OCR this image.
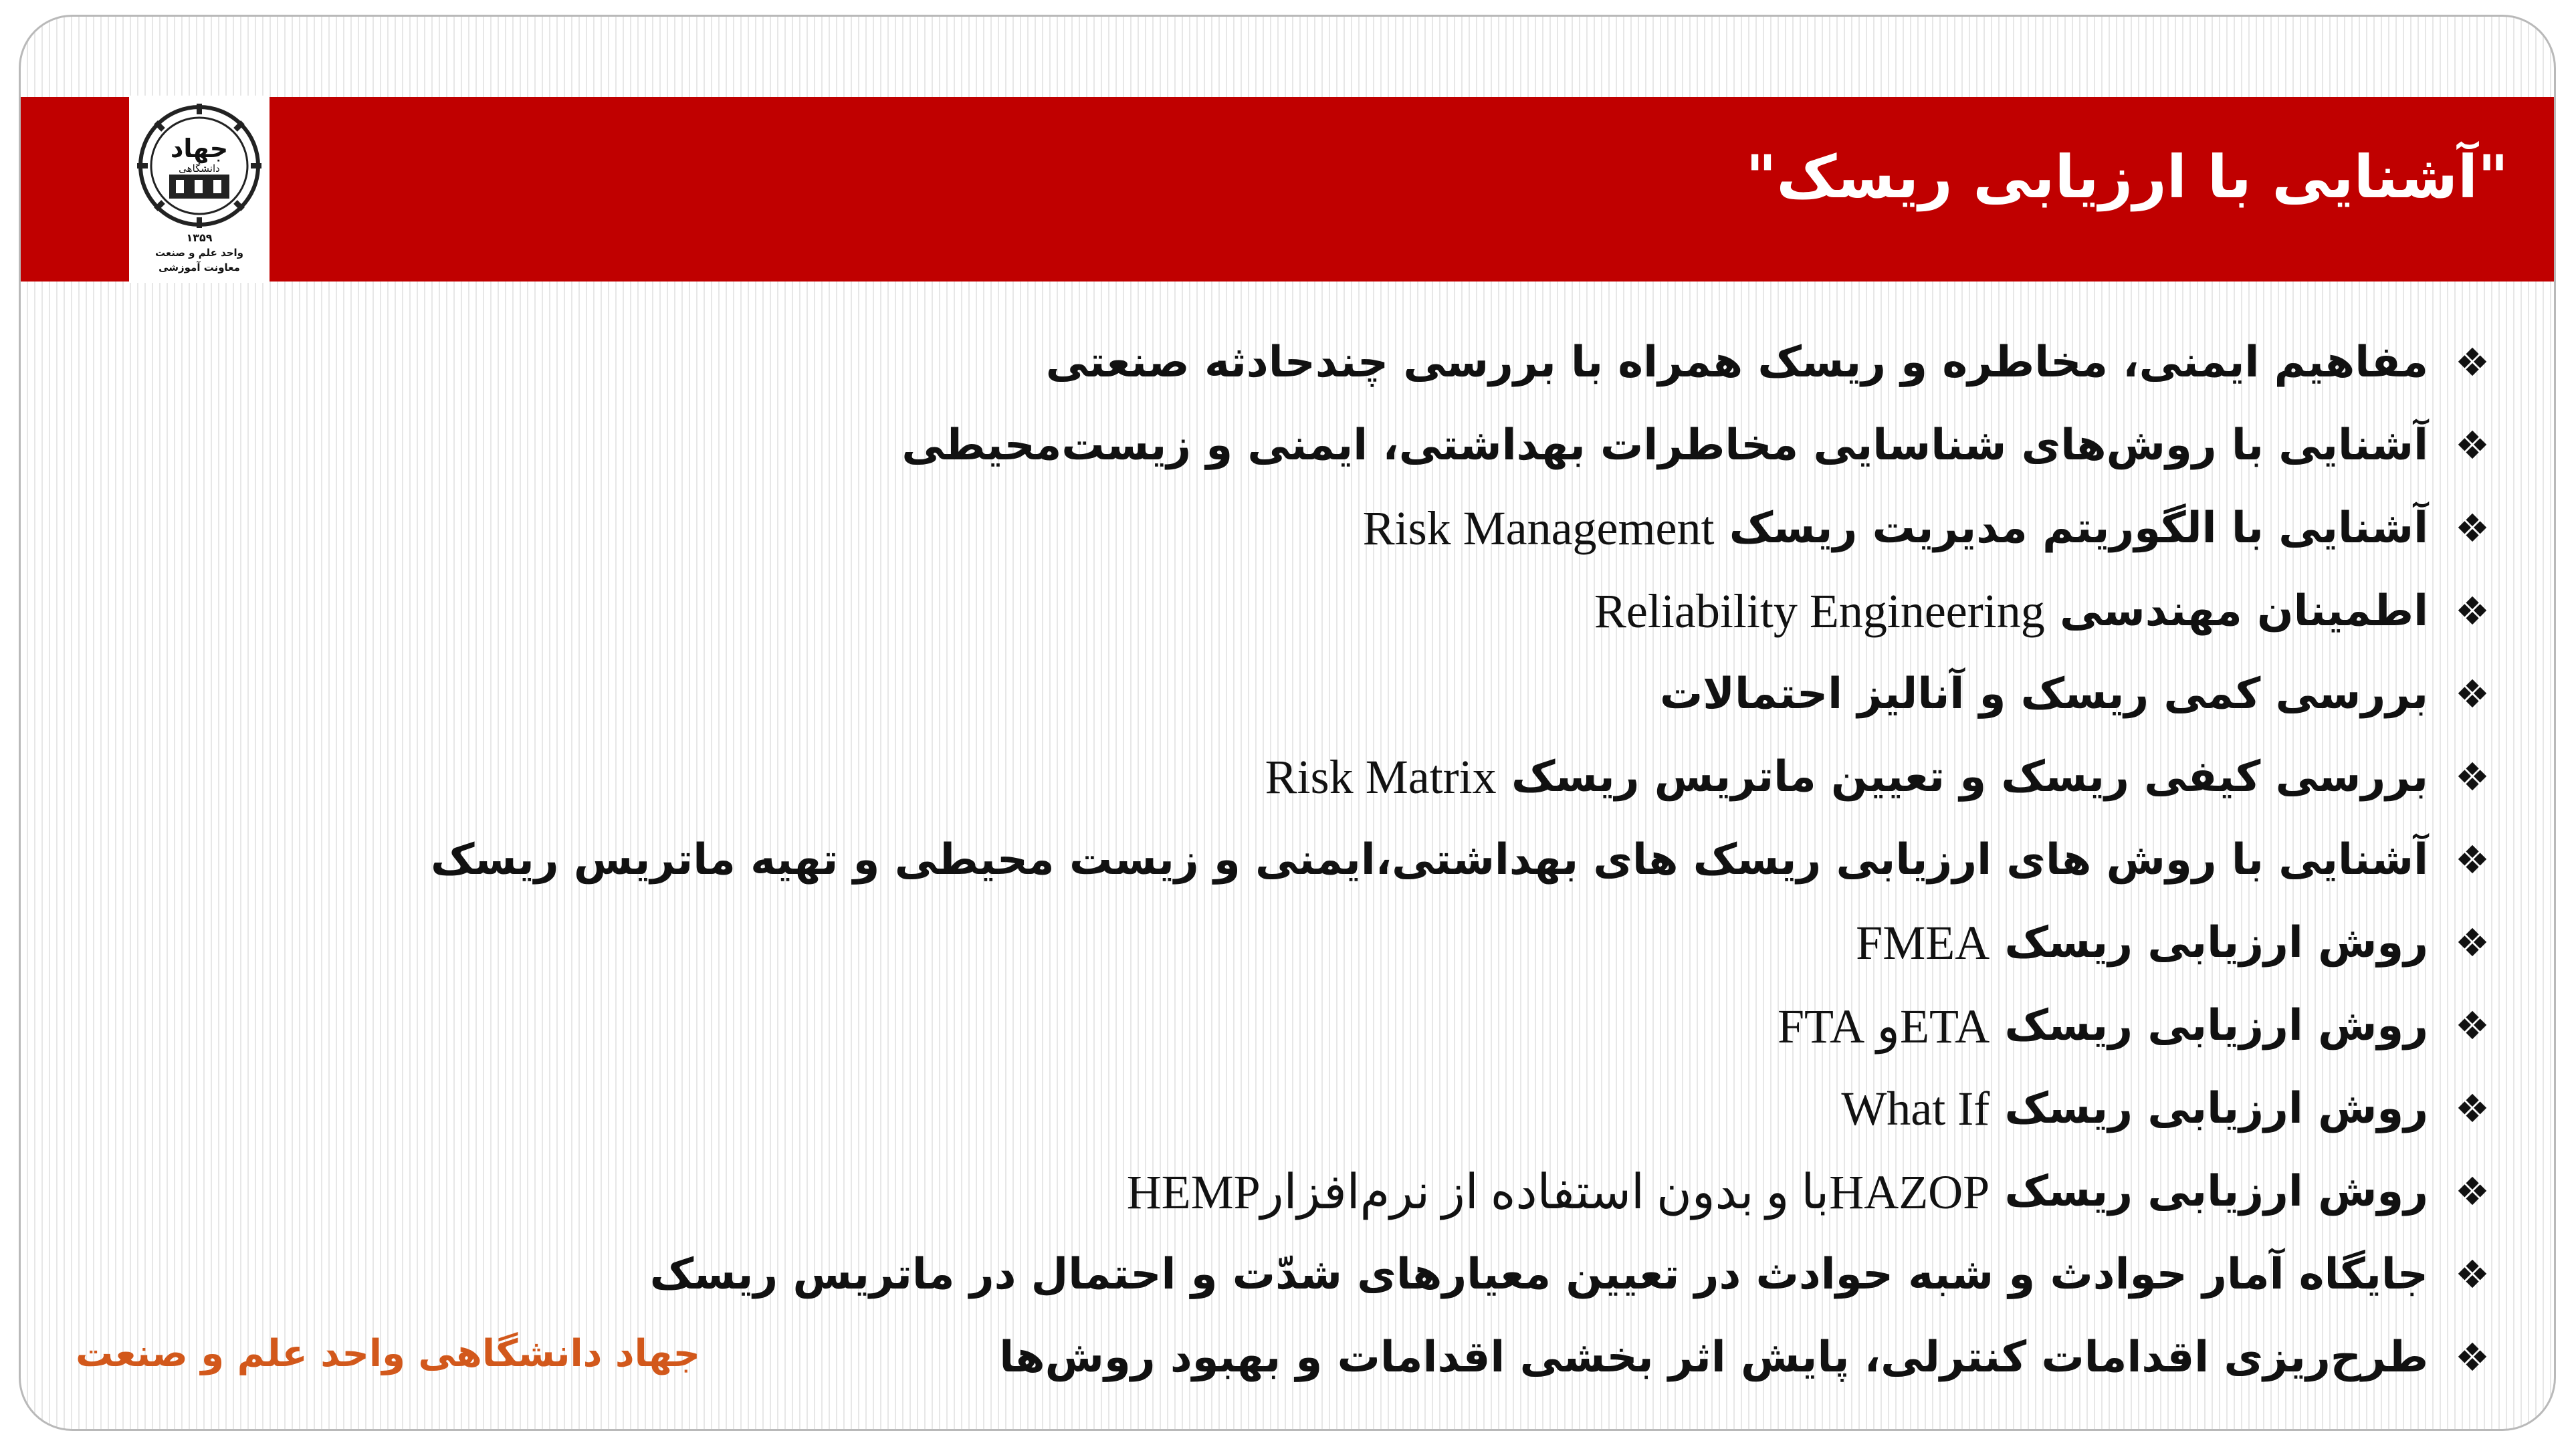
جهاد
دانشگاهی
۱۳۵۹
واحد علم و صنعت
معاونت آموزشی
"آشنایی با ارزیابی ریسک"
❖
مفاهیم ایمنی، مخاطره و ریسک همراه با بررسی چندحادثه صنعتی
❖
آشنایی با روش‌های شناسایی مخاطرات بهداشتی، ایمنی و زیست‌محیطی
❖
آشنایی با الگوریتم مدیریت ریسک

Risk Management
❖
اطمینان مهندسی

Reliability Engineering
❖
بررسی کمی ریسک و آنالیز احتمالات
❖
بررسی کیفی ریسک و تعیین ماتریس ریسک

Risk Matrix
❖
آشنایی با روش های ارزیابی ریسک های بهداشتی،ایمنی و زیست محیطی و تهیه ماتریس ریسک
❖
روش ارزیابی ریسک

FMEA
❖
روش ارزیابی ریسک

ETAو FTA
❖
روش ارزیابی ریسک

What If
❖
روش ارزیابی ریسک

HAZOPبا و بدون استفاده از نرم‌افزارHEMP
❖
جایگاه آمار حوادث و شبه حوادث در تعیین معیارهای شدّت و احتمال در ماتریس ریسک
❖
طرح‌ریزی اقدامات کنترلی، پایش اثر بخشی اقدامات و بهبود روش‌ها
جهاد دانشگاهی واحد علم و صنعت
